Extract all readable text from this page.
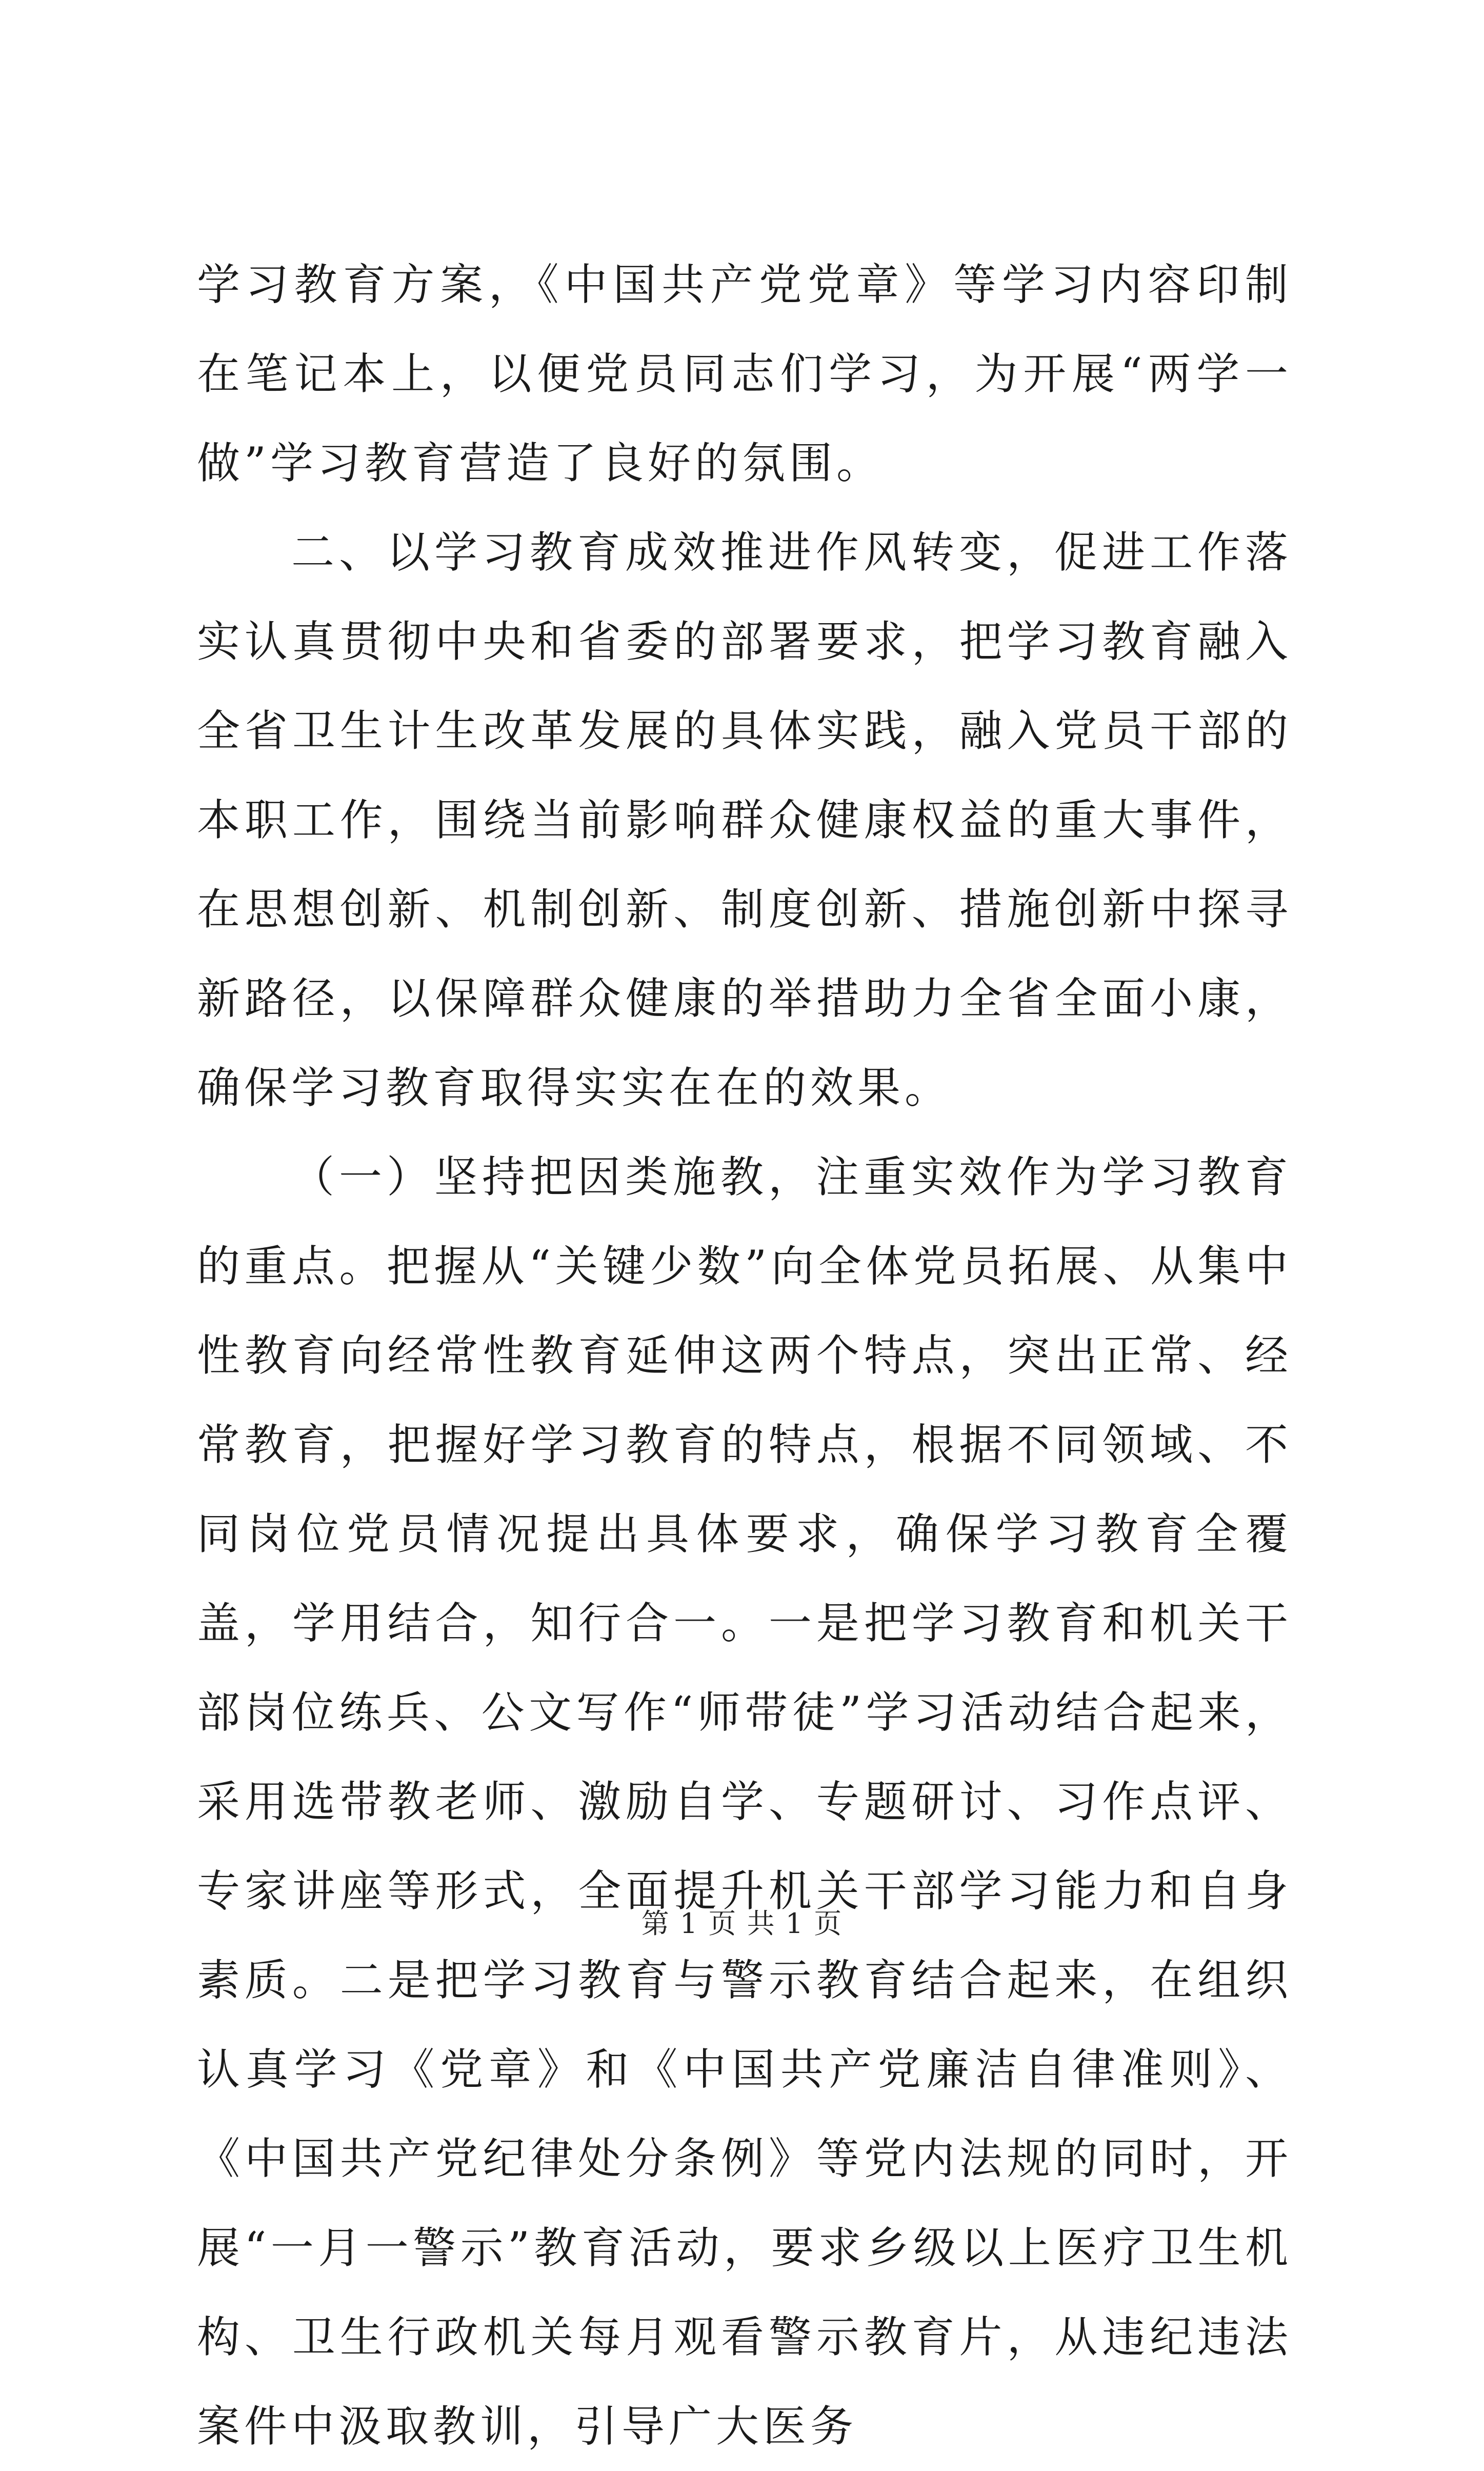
学习教育方案，《中国共产党党章》等学习内容印制在笔记本上，以便党员同志们学习，为开展“两学一做”学习教育营造了良好的氛围。

二、以学习教育成效推进作风转变，促进工作落实认真贯彻中央和省委的部署要求，把学习教育融入全省卫生计生改革发展的具体实践，融入党员干部的本职工作，围绕当前影响群众健康权益的重大事件，在思想创新、机制创新、制度创新、措施创新中探寻新路径，以保障群众健康的举措助力全省全面小康，确保学习教育取得实实在在的效果。

（一）坚持把因类施教，注重实效作为学习教育的重点。把握从“关键少数”向全体党员拓展、从集中性教育向经常性教育延伸这两个特点，突出正常、经常教育，把握好学习教育的特点，根据不同领域、不同岗位党员情况提出具体要求，确保学习教育全覆盖，学用结合，知行合一。一是把学习教育和机关干部岗位练兵、公文写作“师带徒”学习活动结合起来，采用选带教老师、激励自学、专题研讨、习作点评、专家讲座等形式，全面提升机关干部学习能力和自身素质。二是把学习教育与警示教育结合起来，在组织认真学习《党章》和《中国共产党廉洁自律准则》、《中国共产党纪律处分条例》等党内法规的同时，开展“一月一警示”教育活动，要求乡级以上医疗卫生机构、卫生行政机关每月观看警示教育片，从违纪违法案件中汲取教训，引导广大医务

第 1 页 共 1 页
